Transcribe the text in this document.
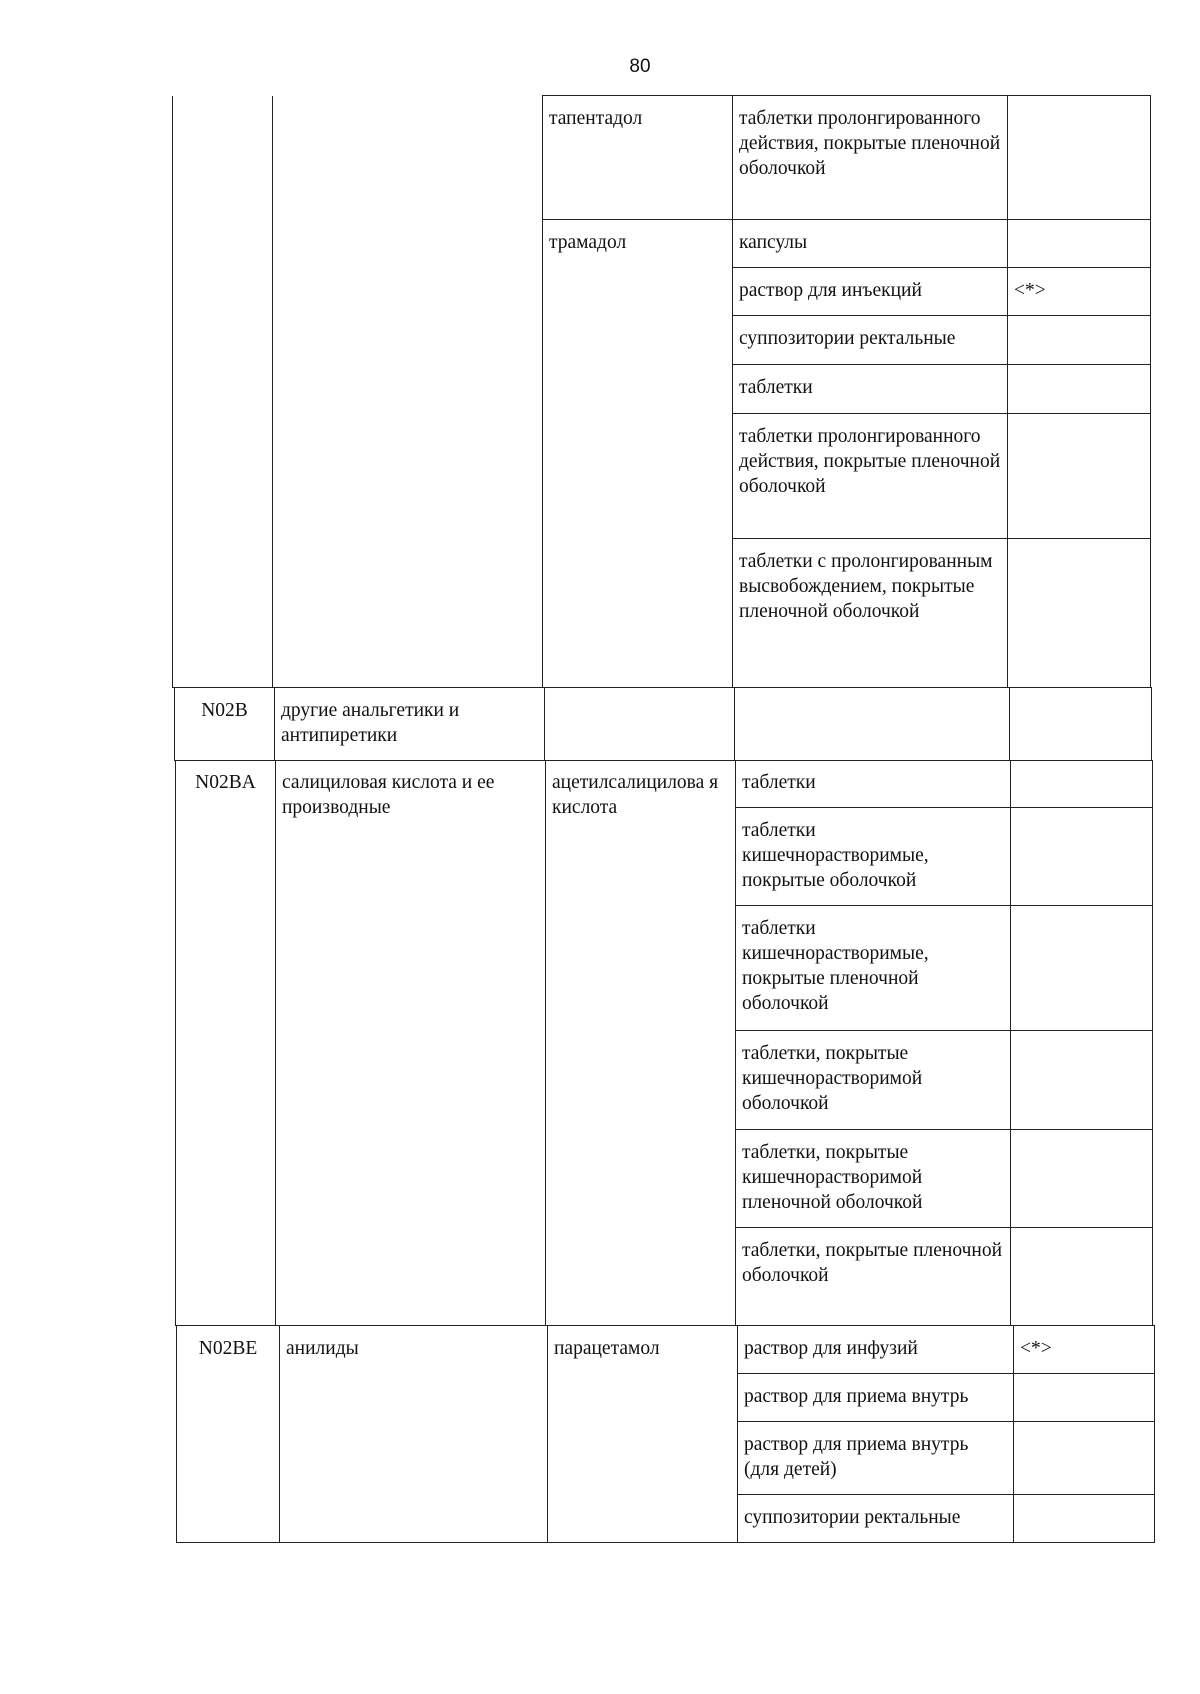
80
		тапентадол	таблетки пролонгированного действия, покрытые пленочной оболочкой	
		трамадол	капсулы	
			раствор для инъекций	<*>
			суппозитории ректальные	
			таблетки	
			таблетки пролонгированного действия, покрытые пленочной оболочкой	
			таблетки с пролонгированным высвобождением, покрытые пленочной оболочкой	
N02B	другие анальгетики и антипиретики			
N02BA	салициловая кислота и ее производные	ацетилсалицилова я кислота	таблетки	
			таблетки кишечнорастворимые, покрытые оболочкой	
			таблетки кишечнорастворимые, покрытые пленочной оболочкой	
			таблетки, покрытые кишечнорастворимой оболочкой	
			таблетки, покрытые кишечнорастворимой пленочной оболочкой	
			таблетки, покрытые пленочной оболочкой	
N02BE	анилиды	парацетамол	раствор для инфузий	<*>
			раствор для приема внутрь	
			раствор для приема внутрь (для детей)	
			суппозитории ректальные	
